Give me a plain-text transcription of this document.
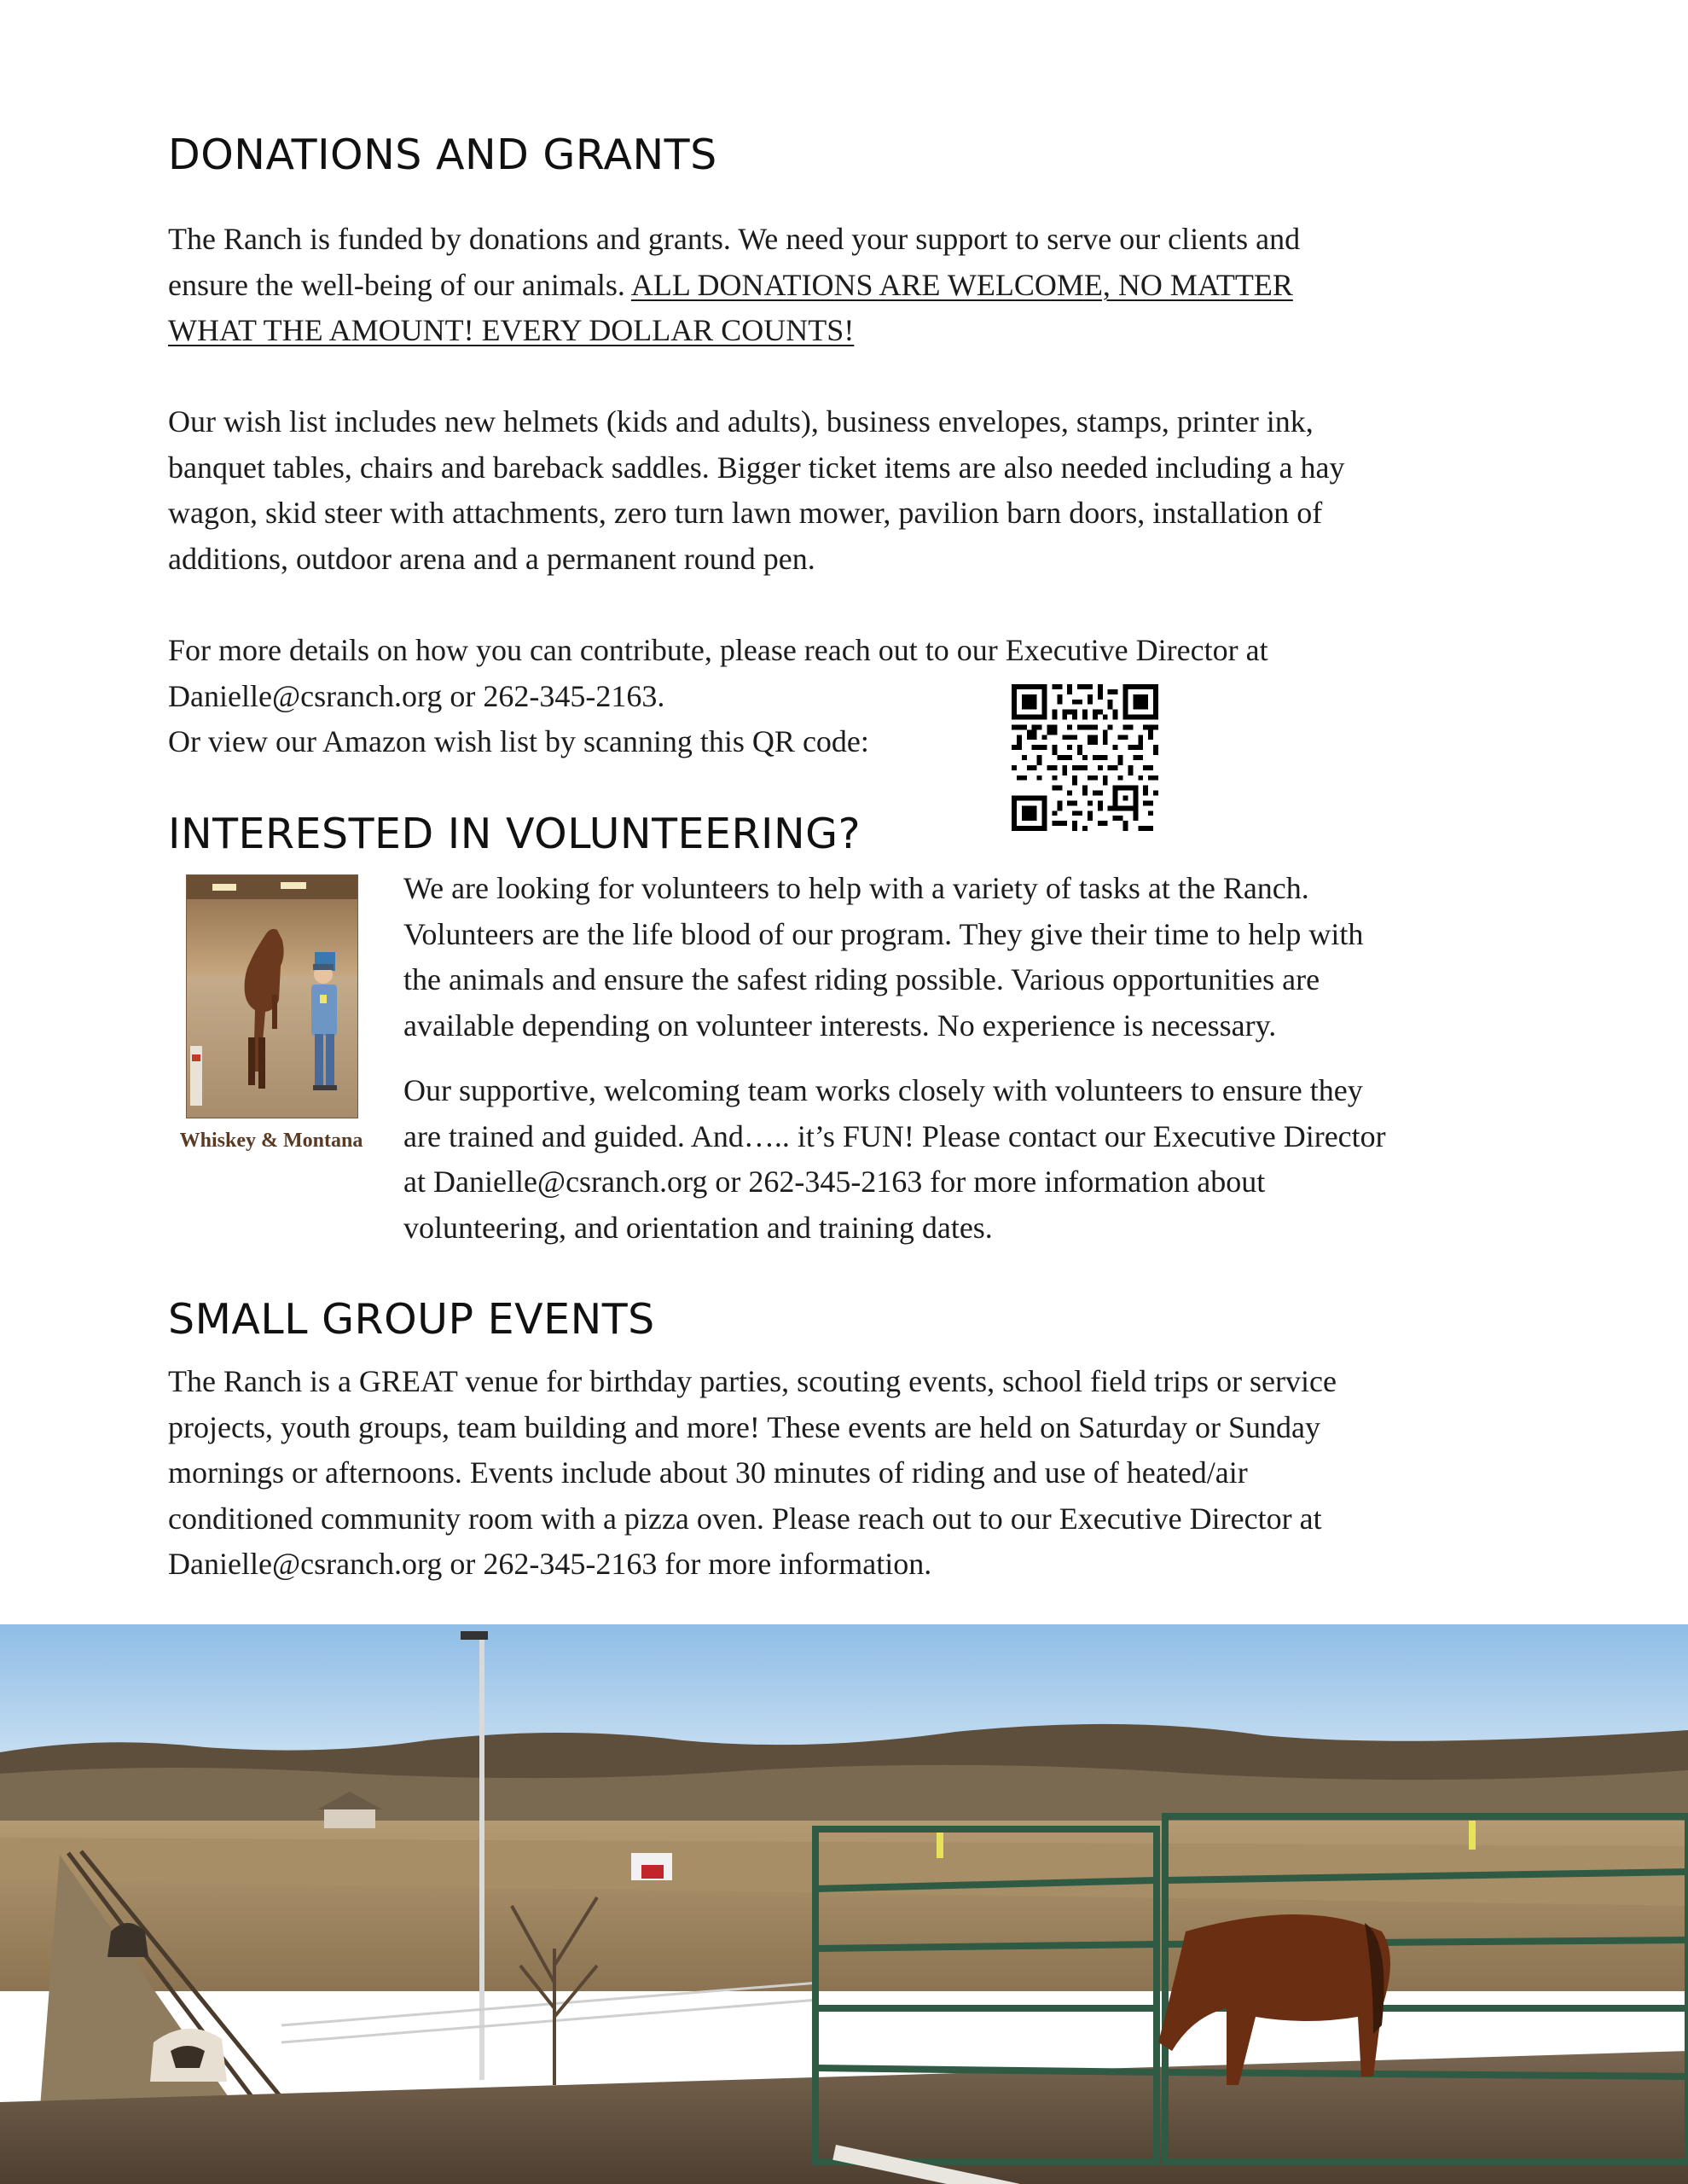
DONATIONS AND GRANTS

The Ranch is funded by donations and grants. We need your support to serve our clients and
ensure the well-being of our animals. ALL DONATIONS ARE WELCOME, NO MATTER
WHAT THE AMOUNT! EVERY DOLLAR COUNTS!

Our wish list includes new helmets (kids and adults), business envelopes, stamps, printer ink,
banquet tables, chairs and bareback saddles. Bigger ticket items are also needed including a hay
wagon, skid steer with attachments, zero turn lawn mower, pavilion barn doors, installation of
additions, outdoor arena and a permanent round pen.

For more details on how you can contribute, please reach out to our Executive Director at
Danielle@csranch.org or 262-345-2163.
Or view our Amazon wish list by scanning this QR code:

INTERESTED IN VOLUNTEERING?
Whiskey & Montana

We are looking for volunteers to help with a variety of tasks at the Ranch.
Volunteers are the life blood of our program. They give their time to help with
the animals and ensure the safest riding possible. Various opportunities are
available depending on volunteer interests. No experience is necessary.

Our supportive, welcoming team works closely with volunteers to ensure they
are trained and guided. And….. it’s FUN! Please contact our Executive Director
at Danielle@csranch.org or 262-345-2163 for more information about
volunteering, and orientation and training dates.

SMALL GROUP EVENTS

The Ranch is a GREAT venue for birthday parties, scouting events, school field trips or service
projects, youth groups, team building and more! These events are held on Saturday or Sunday
mornings or afternoons. Events include about 30 minutes of riding and use of heated/air
conditioned community room with a pizza oven. Please reach out to our Executive Director at
Danielle@csranch.org or 262-345-2163 for more information.
